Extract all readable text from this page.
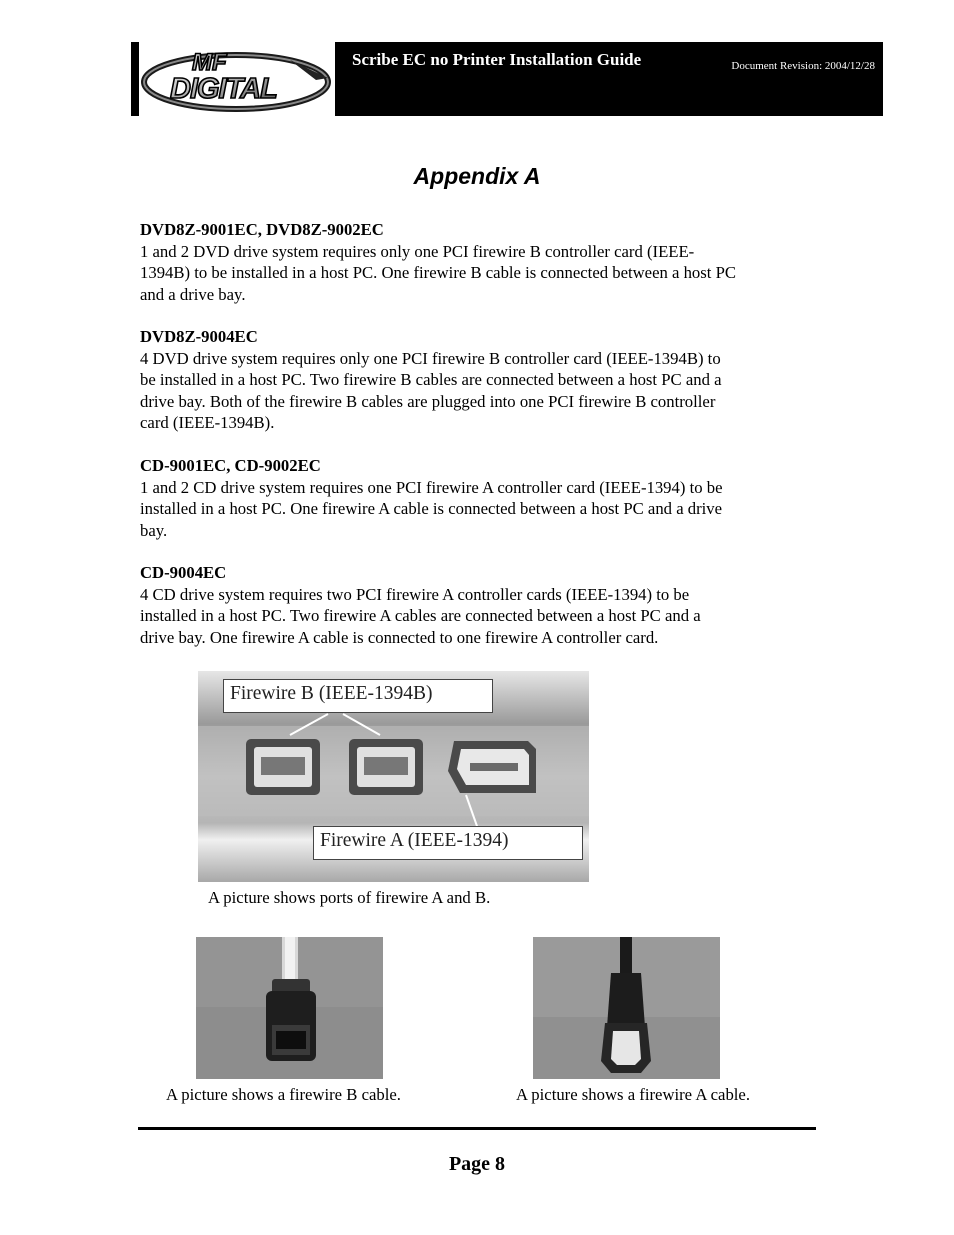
MF
DIGITAL
Scribe EC no Printer Installation Guide	Document Revision: 2004/12/28
Appendix A
DVD8Z-9001EC, DVD8Z-9002EC

1 and 2 DVD drive system requires only one PCI firewire B controller card (IEEE-

1394B) to be installed in a host PC. One firewire B cable is connected between a host PC

and a drive bay.

DVD8Z-9004EC

4 DVD drive system requires only one PCI firewire B controller card (IEEE-1394B) to

be installed in a host PC. Two firewire B cables are connected between a host PC and a

drive bay. Both of the firewire B cables are plugged into one PCI firewire B controller

card (IEEE-1394B).

CD-9001EC, CD-9002EC

1 and 2 CD drive system requires one PCI firewire A controller card (IEEE-1394) to be

installed in a host PC. One firewire A cable is connected between a host PC and a drive

bay.

CD-9004EC

4 CD drive system requires two PCI firewire A controller cards (IEEE-1394) to be

installed in a host PC. Two firewire A cables are connected between a host PC and a

drive bay. One firewire A cable is connected to one firewire A controller card.

Firewire B (IEEE-1394B)
Firewire A (IEEE-1394)
A picture shows ports of firewire A and B.
A picture shows a firewire B cable.	A picture shows a firewire A cable.
Page 8
